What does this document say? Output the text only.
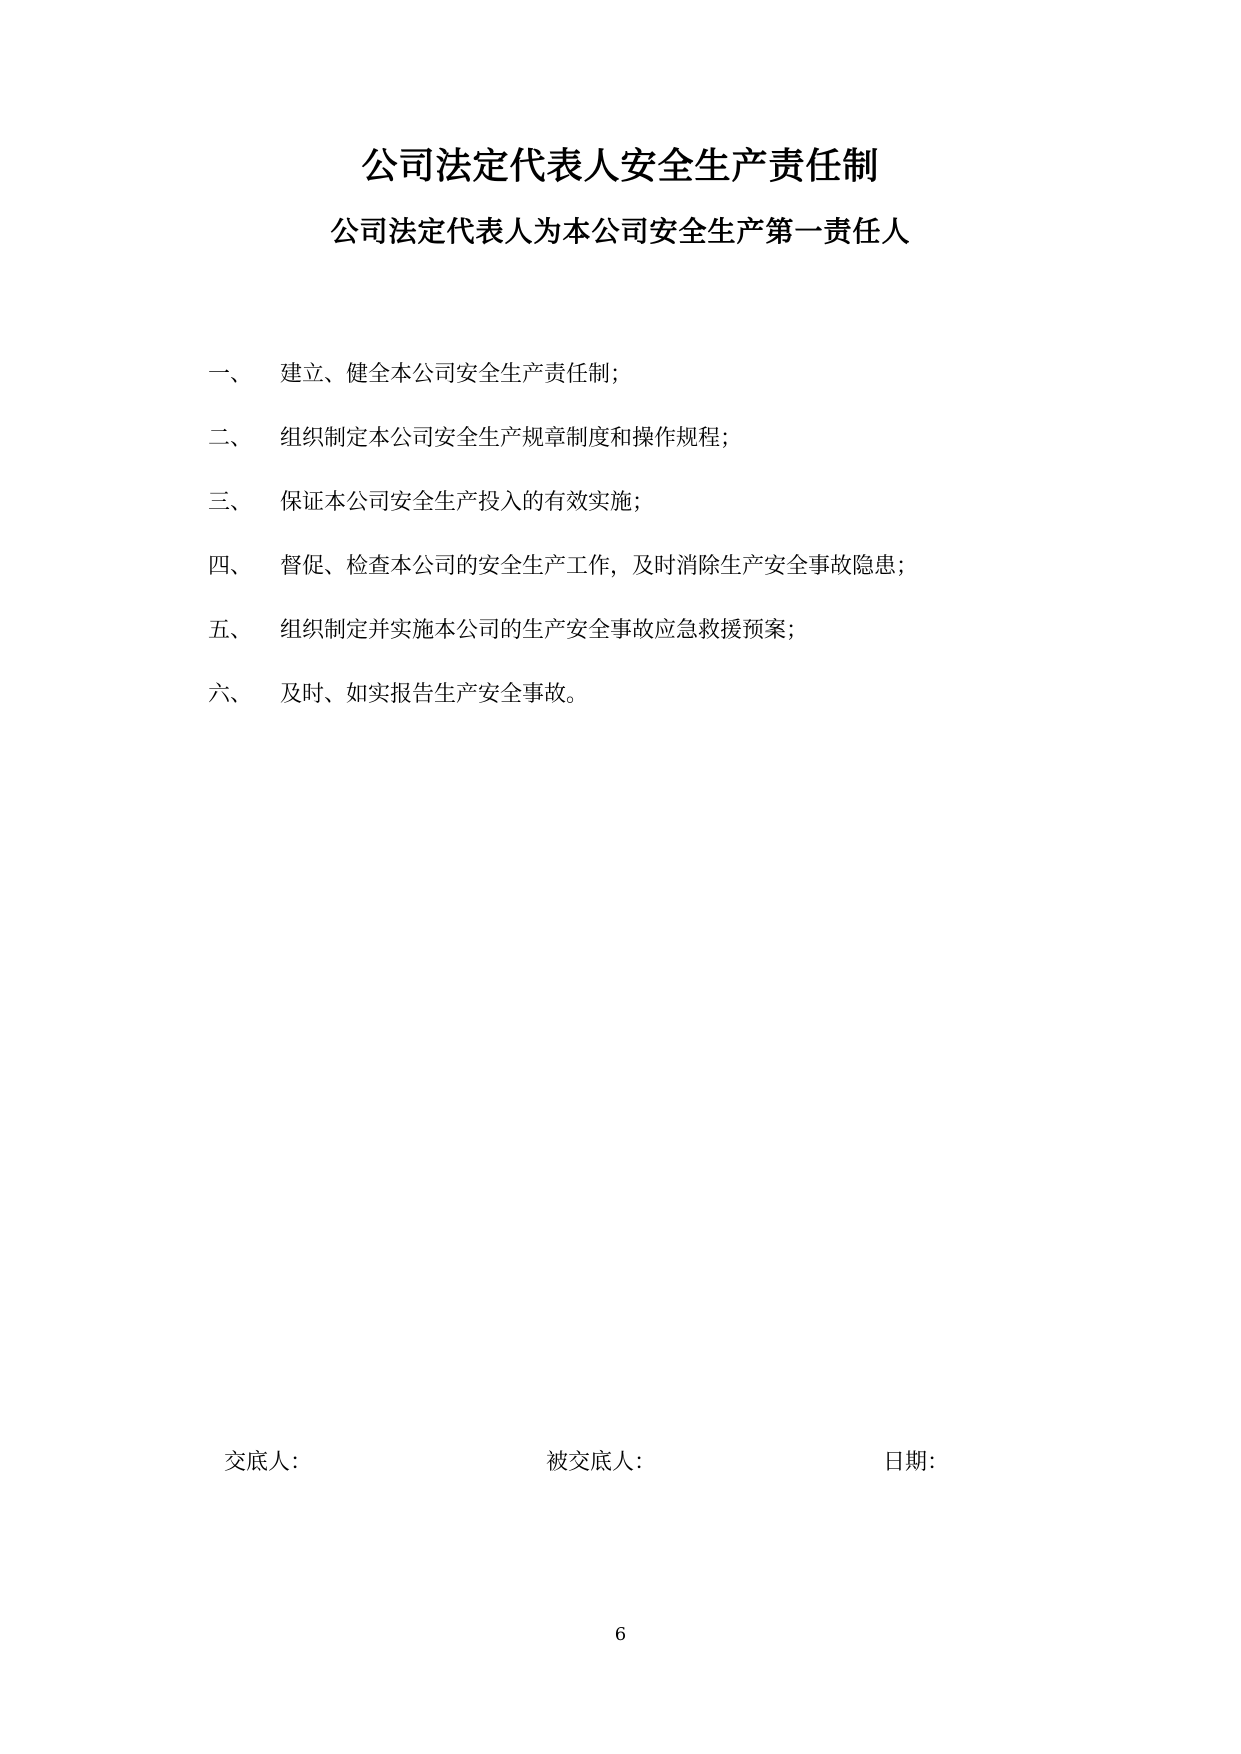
公司法定代表人安全生产责任制
公司法定代表人为本公司安全生产第一责任人
一、	建立、健全本公司安全生产责任制；
二、	组织制定本公司安全生产规章制度和操作规程；
三、	保证本公司安全生产投入的有效实施；
四、	督促、检查本公司的安全生产工作，及时消除生产安全事故隐患；
五、	组织制定并实施本公司的生产安全事故应急救援预案；
六、	及时、如实报告生产安全事故。
交底人：	被交底人：	日期：
6
